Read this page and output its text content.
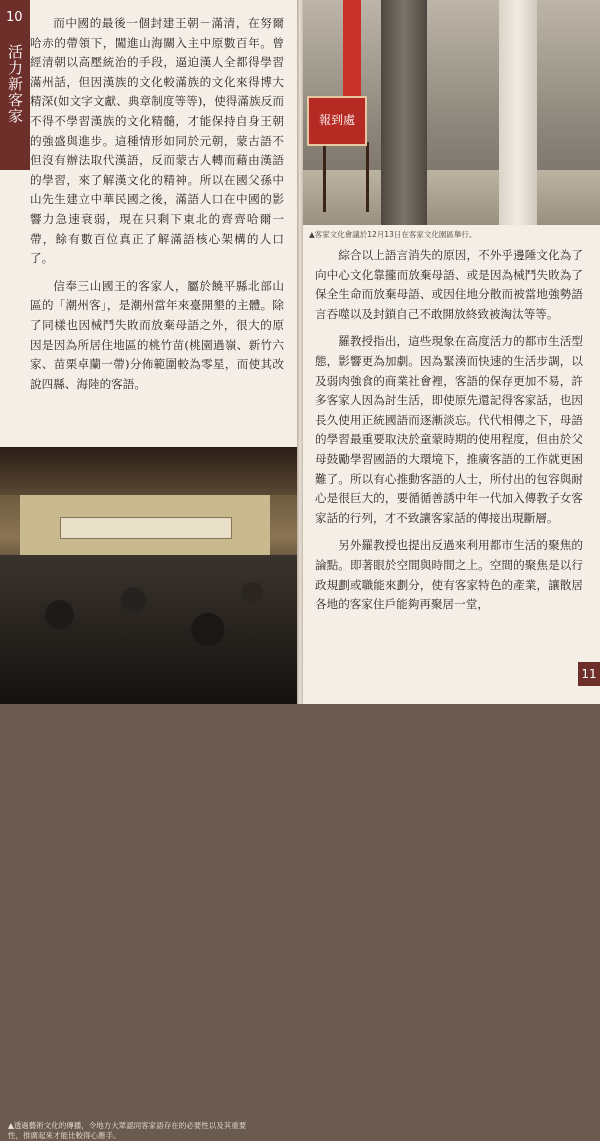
10
活力新客家

而中國的最後一個封建王朝－滿清，在努爾哈赤的帶領下，闖進山海關入主中原數百年。曾經清朝以高壓統治的手段，逼迫漢人全都得學習滿州話，但因漢族的文化較滿族的文化來得博大精深(如文字文獻、典章制度等等)，使得滿族反而不得不學習漢族的文化精髓，才能保持自身王朝的強盛與進步。這種情形如同於元朝，蒙古語不但沒有辦法取代漢語，反而蒙古人轉而藉由漢語的學習，來了解漢文化的精神。所以在國父孫中山先生建立中華民國之後，滿語人口在中國的影響力急速衰弱，現在只剩下東北的齊齊哈爾一帶，餘有數百位真正了解滿語核心架構的人口了。

信奉三山國王的客家人，屬於饒平縣北部山區的「潮州客」，是潮州當年來臺開墾的主體。除了同樣也因械鬥失敗而放棄母語之外，很大的原因是因為所居住地區的桃竹苗(桃園過嶺、新竹六家、苗栗卓蘭一帶)分佈範圍較為零星，而使其改說四縣、海陸的客語。

▲透過藝術文化的傳播，令地方大眾認同客家語存在的必要性以及其重要性，推廣起來才能比較得心應手。
報到處
▲客家文化會議於12月13日在客家文化園區舉行。

綜合以上語言消失的原因，不外乎邊陲文化為了向中心文化靠攏而放棄母語、或是因為械鬥失敗為了保全生命而放棄母語、或因住地分散而被當地強勢語言吞噬以及封鎖自己不敢開放終致被淘汰等等。

羅教授指出，這些現象在高度活力的都市生活型態，影響更為加劇。因為緊湊而快速的生活步調，以及弱肉強食的商業社會裡，客語的保存更加不易，許多客家人因為討生活，即使原先還記得客家話，也因長久使用正統國語而逐漸淡忘。代代相傳之下，母語的學習最重要取決於童蒙時期的使用程度，但由於父母鼓勵學習國語的大環境下，推廣客語的工作就更困難了。所以有心推動客語的人士，所付出的包容與耐心是很巨大的，要循循善誘中年一代加入傳教子女客家話的行列，才不致讓客家話的傳接出現斷層。

另外羅教授也提出反過來利用都市生活的聚焦的論點。即著眼於空間與時間之上。空間的聚焦是以行政規劃或職能來劃分，使有客家特色的產業，讓散居各地的客家住戶能夠再聚居一堂，

11
